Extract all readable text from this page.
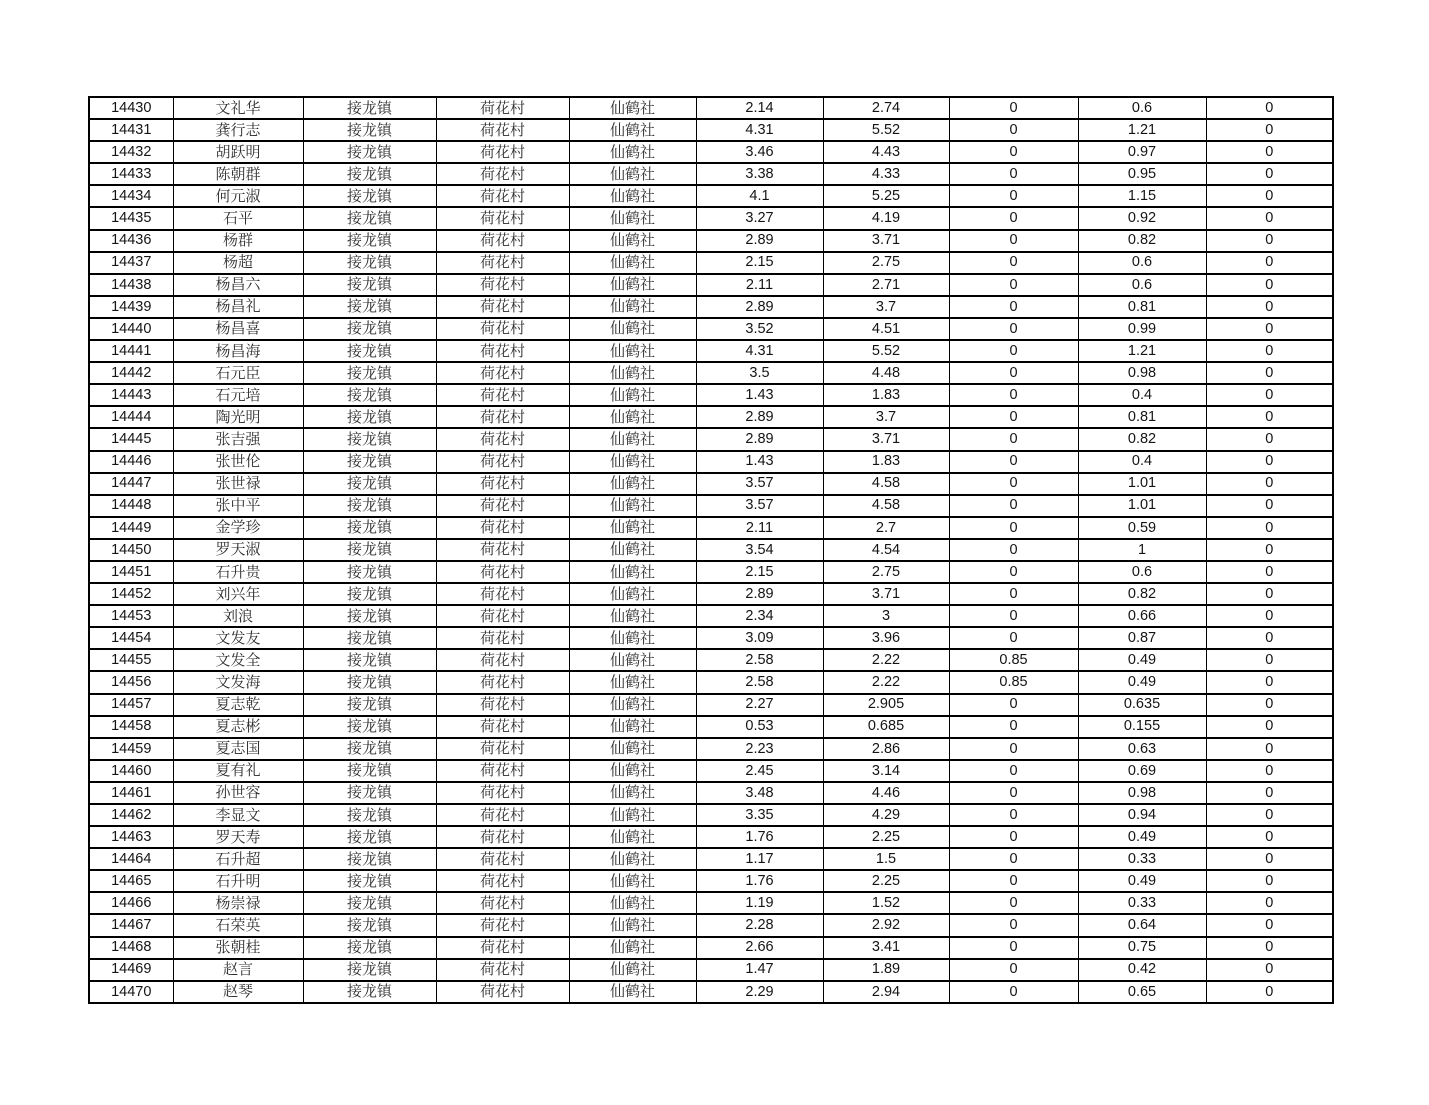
14430	文礼华	接龙镇	荷花村	仙鹤社	2.14	2.74	0	0.6	0
14431	龚行志	接龙镇	荷花村	仙鹤社	4.31	5.52	0	1.21	0
14432	胡跃明	接龙镇	荷花村	仙鹤社	3.46	4.43	0	0.97	0
14433	陈朝群	接龙镇	荷花村	仙鹤社	3.38	4.33	0	0.95	0
14434	何元淑	接龙镇	荷花村	仙鹤社	4.1	5.25	0	1.15	0
14435	石平	接龙镇	荷花村	仙鹤社	3.27	4.19	0	0.92	0
14436	杨群	接龙镇	荷花村	仙鹤社	2.89	3.71	0	0.82	0
14437	杨超	接龙镇	荷花村	仙鹤社	2.15	2.75	0	0.6	0
14438	杨昌六	接龙镇	荷花村	仙鹤社	2.11	2.71	0	0.6	0
14439	杨昌礼	接龙镇	荷花村	仙鹤社	2.89	3.7	0	0.81	0
14440	杨昌喜	接龙镇	荷花村	仙鹤社	3.52	4.51	0	0.99	0
14441	杨昌海	接龙镇	荷花村	仙鹤社	4.31	5.52	0	1.21	0
14442	石元臣	接龙镇	荷花村	仙鹤社	3.5	4.48	0	0.98	0
14443	石元培	接龙镇	荷花村	仙鹤社	1.43	1.83	0	0.4	0
14444	陶光明	接龙镇	荷花村	仙鹤社	2.89	3.7	0	0.81	0
14445	张吉强	接龙镇	荷花村	仙鹤社	2.89	3.71	0	0.82	0
14446	张世伦	接龙镇	荷花村	仙鹤社	1.43	1.83	0	0.4	0
14447	张世禄	接龙镇	荷花村	仙鹤社	3.57	4.58	0	1.01	0
14448	张中平	接龙镇	荷花村	仙鹤社	3.57	4.58	0	1.01	0
14449	金学珍	接龙镇	荷花村	仙鹤社	2.11	2.7	0	0.59	0
14450	罗天淑	接龙镇	荷花村	仙鹤社	3.54	4.54	0	1	0
14451	石升贵	接龙镇	荷花村	仙鹤社	2.15	2.75	0	0.6	0
14452	刘兴年	接龙镇	荷花村	仙鹤社	2.89	3.71	0	0.82	0
14453	刘浪	接龙镇	荷花村	仙鹤社	2.34	3	0	0.66	0
14454	文发友	接龙镇	荷花村	仙鹤社	3.09	3.96	0	0.87	0
14455	文发全	接龙镇	荷花村	仙鹤社	2.58	2.22	0.85	0.49	0
14456	文发海	接龙镇	荷花村	仙鹤社	2.58	2.22	0.85	0.49	0
14457	夏志乾	接龙镇	荷花村	仙鹤社	2.27	2.905	0	0.635	0
14458	夏志彬	接龙镇	荷花村	仙鹤社	0.53	0.685	0	0.155	0
14459	夏志国	接龙镇	荷花村	仙鹤社	2.23	2.86	0	0.63	0
14460	夏有礼	接龙镇	荷花村	仙鹤社	2.45	3.14	0	0.69	0
14461	孙世容	接龙镇	荷花村	仙鹤社	3.48	4.46	0	0.98	0
14462	李显文	接龙镇	荷花村	仙鹤社	3.35	4.29	0	0.94	0
14463	罗天寿	接龙镇	荷花村	仙鹤社	1.76	2.25	0	0.49	0
14464	石升超	接龙镇	荷花村	仙鹤社	1.17	1.5	0	0.33	0
14465	石升明	接龙镇	荷花村	仙鹤社	1.76	2.25	0	0.49	0
14466	杨崇禄	接龙镇	荷花村	仙鹤社	1.19	1.52	0	0.33	0
14467	石荣英	接龙镇	荷花村	仙鹤社	2.28	2.92	0	0.64	0
14468	张朝桂	接龙镇	荷花村	仙鹤社	2.66	3.41	0	0.75	0
14469	赵言	接龙镇	荷花村	仙鹤社	1.47	1.89	0	0.42	0
14470	赵琴	接龙镇	荷花村	仙鹤社	2.29	2.94	0	0.65	0
